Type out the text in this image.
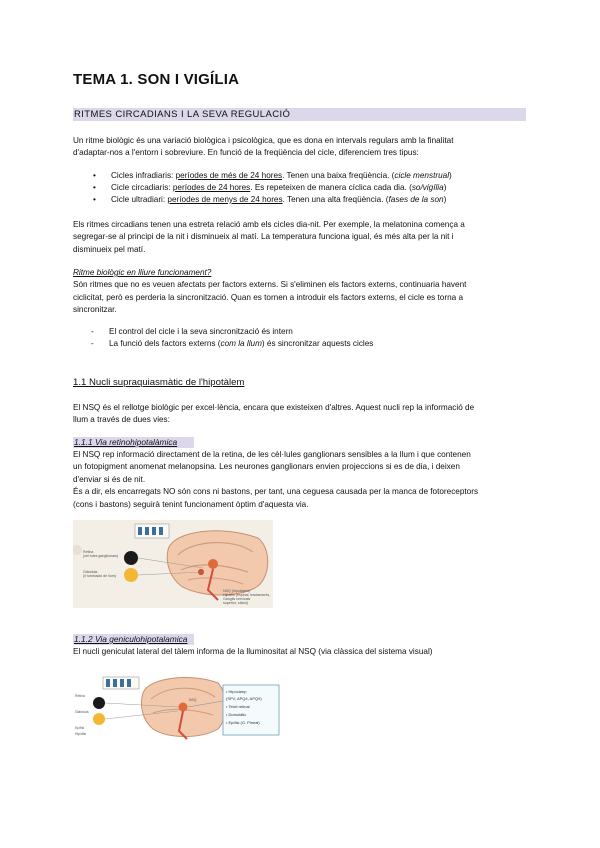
TEMA 1. SON I VIGÍLIA
RITMES CIRCADIANS I LA SEVA REGULACIÓ
Un ritme biològic és una variació biològica i psicològica, que es dona en intervals regulars amb la finalitat
d'adaptar-nos a l'entorn i sobreviure. En funció de la freqüència del cicle, diferenciem tres tipus:
• Cicles infradiaris: períodes de més de 24 hores. Tenen una baixa freqüència. (cicle menstrual)
• Cicle circadiaris: períodes de 24 hores. Es repeteixen de manera cíclica cada dia. (so/vigília)
• Cicle ultradiari: períodes de menys de 24 hores. Tenen una alta freqüència. (fases de la son)
Els ritmes circadians tenen una estreta relació amb els cicles dia-nit. Per exemple, la melatonina comença a
segregar-se al principi de la nit i disminueix al matí. La temperatura funciona igual, és més alta per la nit i
disminueix pel matí.
Ritme biològic en lliure funcionament?
Són ritmes que no es veuen afectats per factors externs. Si s'eliminen els factors externs, continuaria havent
ciclicitat, però es perderia la sincronització. Quan es tornen a introduir els factors externs, el cicle es torna a
sincronitzar.
- El control del cicle i la seva sincronització és intern
- La funció dels factors externs (com la llum) és sincronitzar aquests cicles
1.1 Nucli supraquiasmàtic de l'hipotàlem
El NSQ és el rellotge biològic per excel·lència, encara que existeixen d'altres. Aquest nucli rep la informació de
llum a través de dues vies:
1.1.1 Via retinohipotalàmica
El NSQ rep informació directament de la retina, de les cèl·lules ganglionars sensibles a la llum i que contenen
un fotopigment anomenat melanopsina. Les neurones ganglionars envien projeccions si es de dia, i deixen
d'enviar si és de nit.
És a dir, els encarregats NO són cons ni bastons, per tant, una ceguesa causada per la manca de fotoreceptors
(cons i bastons) seguirà tenint funcionament òptim d'aquesta via.
Retina
(cèl·lules ganglionars)
Glàndula
(il·luminació de llum)
NSQ (hipotàlem)
Hipòfisi (espinal, tractaments,
Ganglis cervicals
superior, càlcul)
1.1.2 Via geniculohipotalamica
El nucli geniculat lateral del tàlem informa de la lluminositat al NSQ (via clàssica del sistema visual)
Retina
Glàndula
Epífisi
Hipòfisi
NSQ
• Hipocàmp
(SPV, APQ4, APQ9)
• Teixit retinal
• Dorsolàtic
• Epífisi (G. Pineal)
